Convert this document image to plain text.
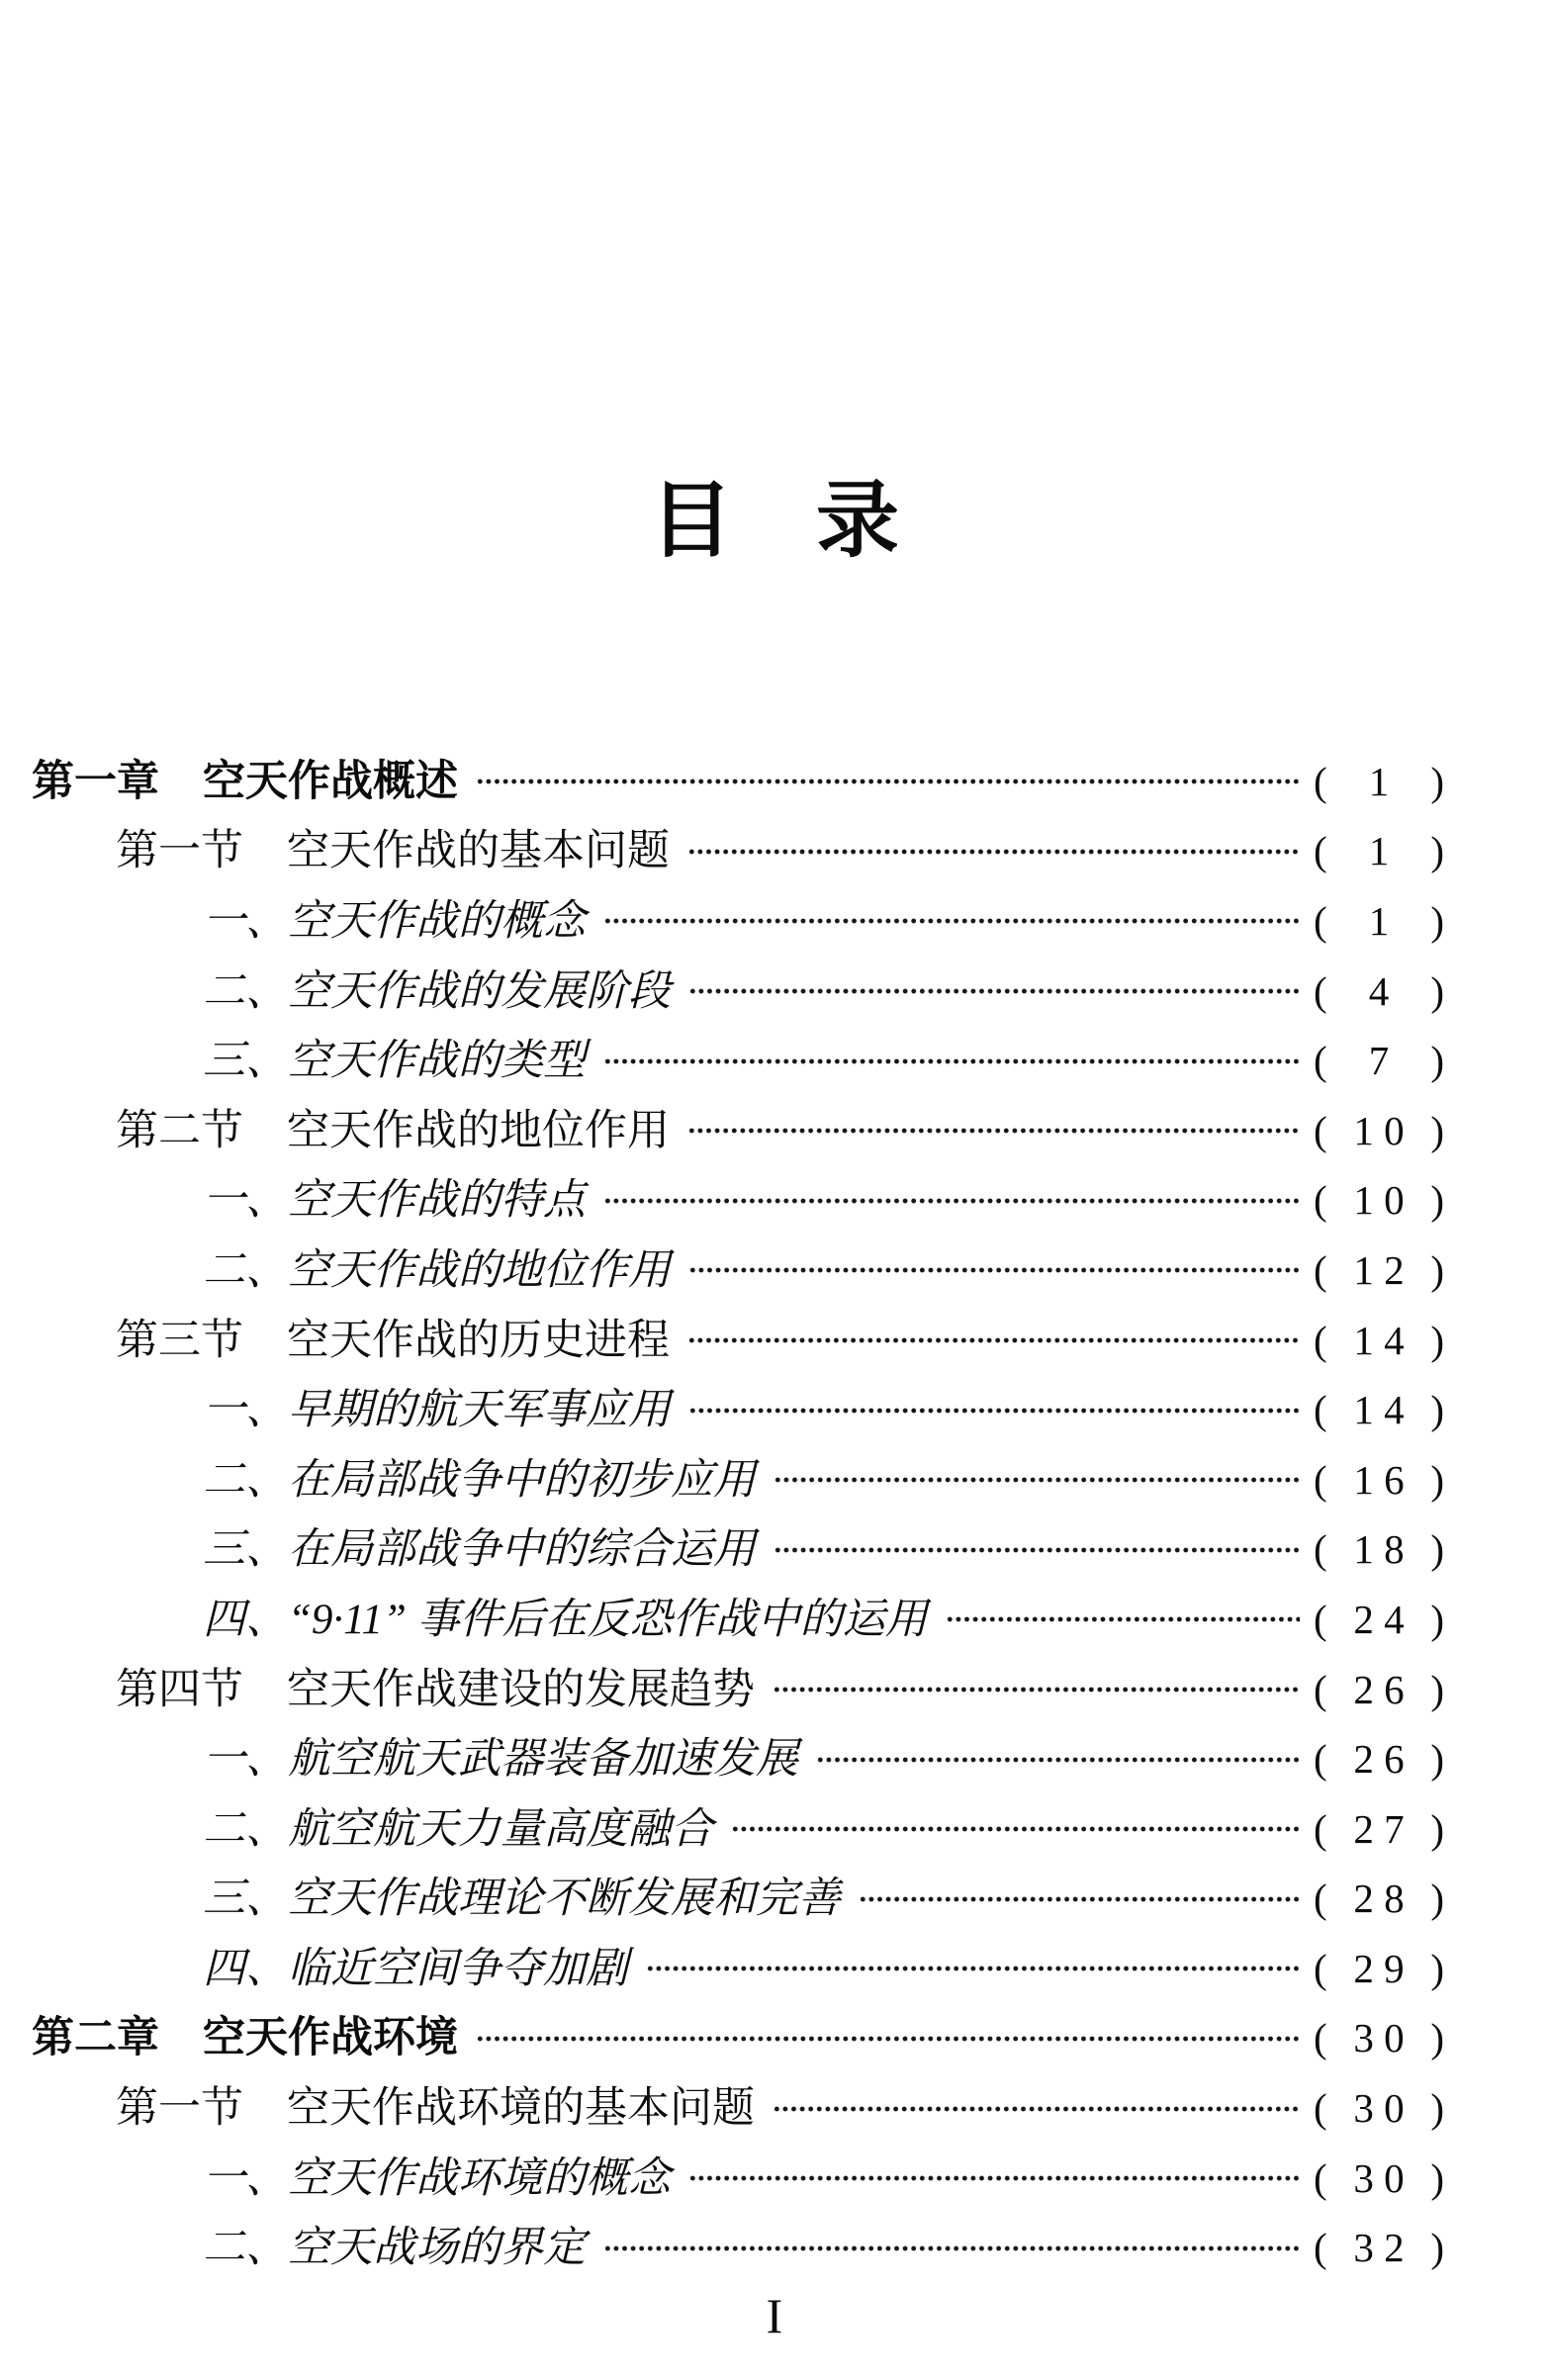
目　录
第一章 空天作战概述	( 1 )
第一节 空天作战的基本问题	( 1 )
一、空天作战的概念	( 1 )
二、空天作战的发展阶段	( 4 )
三、空天作战的类型	( 7 )
第二节 空天作战的地位作用	( 1 0 )
一、空天作战的特点	( 1 0 )
二、空天作战的地位作用	( 1 2 )
第三节 空天作战的历史进程	( 1 4 )
一、早期的航天军事应用	( 1 4 )
二、在局部战争中的初步应用	( 1 6 )
三、在局部战争中的综合运用	( 1 8 )
四、“9·11” 事件后在反恐作战中的运用	( 2 4 )
第四节 空天作战建设的发展趋势	( 2 6 )
一、航空航天武器装备加速发展	( 2 6 )
二、航空航天力量高度融合	( 2 7 )
三、空天作战理论不断发展和完善	( 2 8 )
四、临近空间争夺加剧	( 2 9 )
第二章 空天作战环境	( 3 0 )
第一节 空天作战环境的基本问题	( 3 0 )
一、空天作战环境的概念	( 3 0 )
二、空天战场的界定	( 3 2 )
I
